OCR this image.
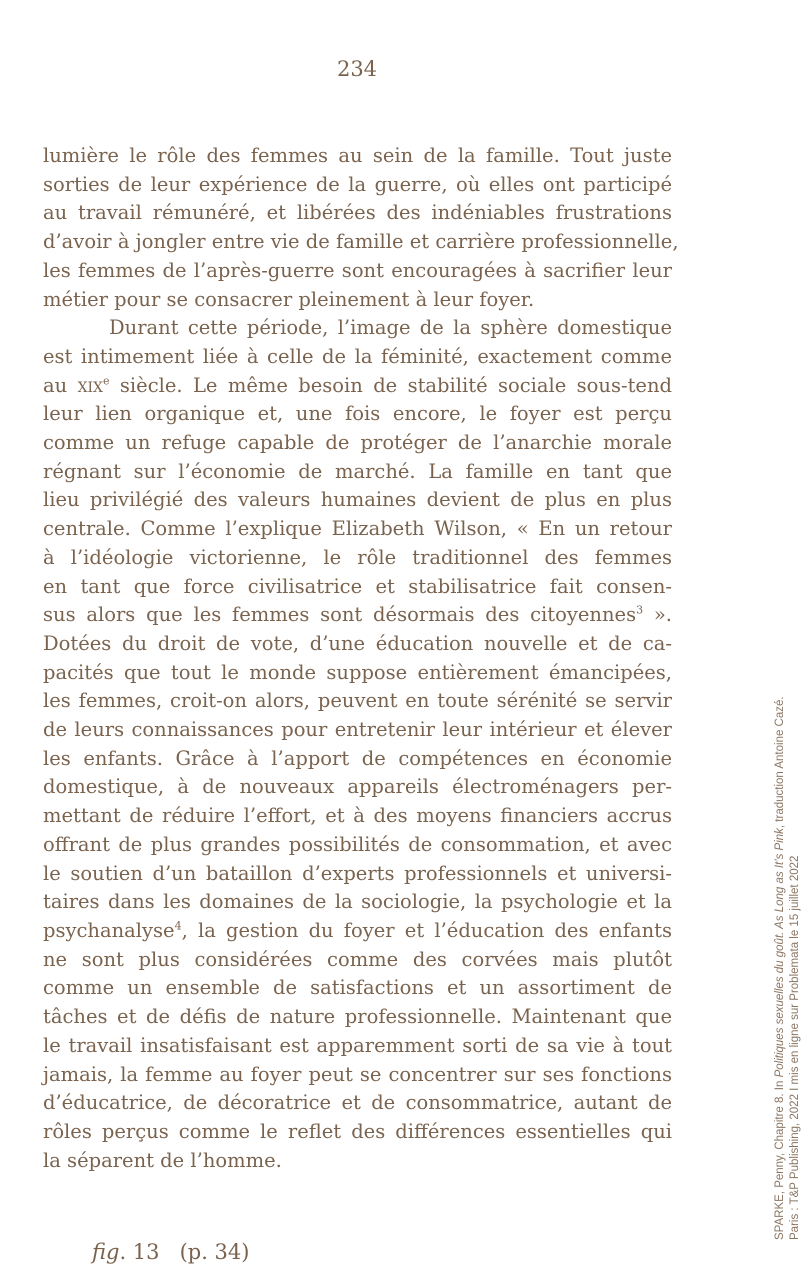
234
lumière le rôle des femmes au sein de la famille. Tout juste
sorties de leur expérience de la guerre, où elles ont participé
au travail rémunéré, et libérées des indéniables frustrations
d’avoir à jongler entre vie de famille et carrière professionnelle,
les femmes de l’après-guerre sont encouragées à sacrifier leur
métier pour se consacrer pleinement à leur foyer.
Durant cette période, l’image de la sphère domestique
est intimement liée à celle de la féminité, exactement comme
au xix$^e$ siècle. Le même besoin de stabilité sociale sous-tend
leur lien organique et, une fois encore, le foyer est perçu
comme un refuge capable de protéger de l’anarchie morale
régnant sur l’économie de marché. La famille en tant que
lieu privilégié des valeurs humaines devient de plus en plus
centrale. Comme l’explique Elizabeth Wilson, « En un retour
à l’idéologie victorienne, le rôle traditionnel des femmes
en tant que force civilisatrice et stabilisatrice fait consen-
sus alors que les femmes sont désormais des citoyennes$^3$ ».
Dotées du droit de vote, d’une éducation nouvelle et de ca-
pacités que tout le monde suppose entièrement émancipées,
les femmes, croit-on alors, peuvent en toute sérénité se servir
de leurs connaissances pour entretenir leur intérieur et élever
les enfants. Grâce à l’apport de compétences en économie
domestique, à de nouveaux appareils électroménagers per-
mettant de réduire l’effort, et à des moyens financiers accrus
offrant de plus grandes possibilités de consommation, et avec
le soutien d’un bataillon d’experts professionnels et universi-
taires dans les domaines de la sociologie, la psychologie et la
psychanalyse$^4$, la gestion du foyer et l’éducation des enfants
ne sont plus considérées comme des corvées mais plutôt
comme un ensemble de satisfactions et un assortiment de
tâches et de défis de nature professionnelle. Maintenant que
le travail insatisfaisant est apparemment sorti de sa vie à tout
jamais, la femme au foyer peut se concentrer sur ses fonctions
d’éducatrice, de décoratrice et de consommatrice, autant de
rôles perçus comme le reflet des différences essentielles qui
la séparent de l’homme.
fig. 13 (p. 34)
SPARKE, Penny, Chapitre 8. In Politiques sexuelles du goût. As Long as It’s Pink, traduction Antoine Cazé.
Paris : T&P Publishing, 2022 I mis en ligne sur Problemata le 15 juillet 2022
